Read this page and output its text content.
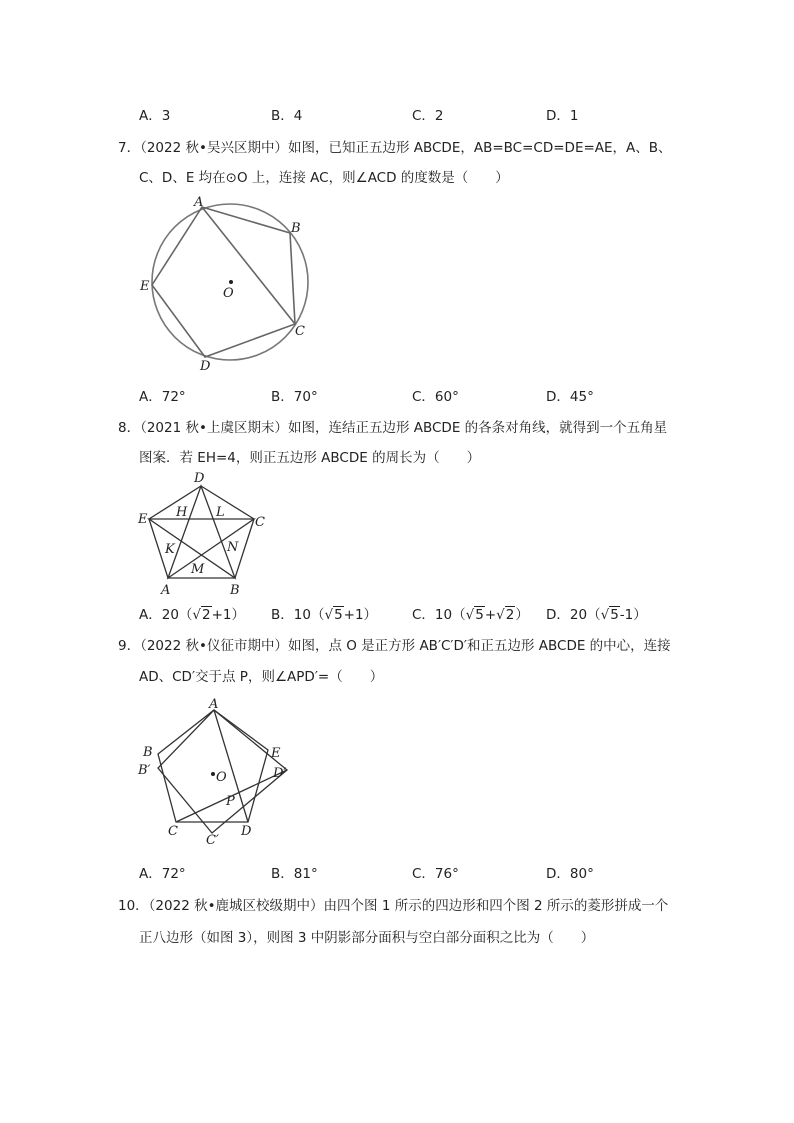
A．3	B．4	C．2	D．1
7．（2022 秋•吴兴区期中）如图，已知正五边形 ABCDE，AB=BC=CD=DE=AE，A、B、
C、D、E 均在⊙O 上，连接 AC，则∠ACD 的度数是（　　）
A
B
C
D
E	O
A．72°	B．70°	C．60°	D．45°
8．（2021 秋•上虞区期末）如图，连结正五边形 ABCDE 的各条对角线，就得到一个五角星
图案．若 EH=4，则正五边形 ABCDE 的周长为（　　）
D
E	C
A	B
H L
K	N
M
A．20（√2+1） B．10（√5+1）	C．10（√5+√2） D．20（√5-1）
9．（2022 秋•仪征市期中）如图，点 O 是正方形 AB′C′D′和正五边形 ABCDE 的中心，连接
AD、CD′交于点 P，则∠APD′=（　　）
A
B
B′
E
D′
O
P
C
C′
D
A．72°	B．81°	C．76°	D．80°
10．（2022 秋•鹿城区校级期中）由四个图 1 所示的四边形和四个图 2 所示的菱形拼成一个
正八边形（如图 3），则图 3 中阴影部分面积与空白部分面积之比为（　　）
